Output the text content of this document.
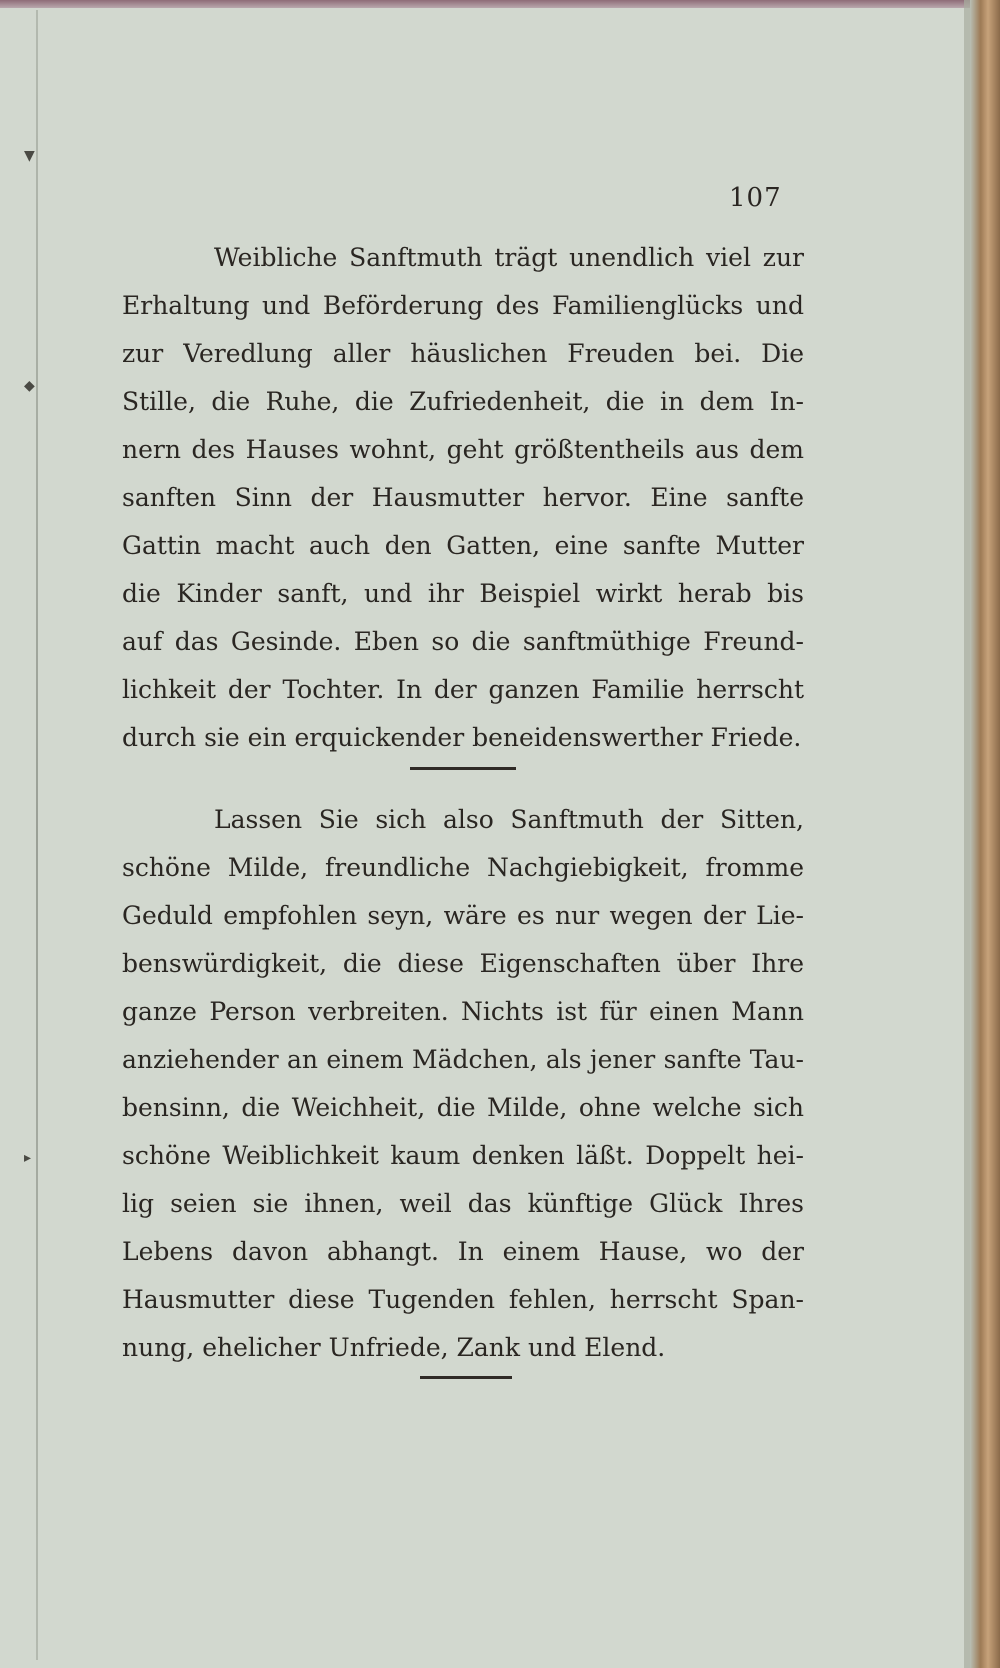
▼
◆
▸
107
Weibliche Sanftmuth trägt unendlich viel zur
Erhaltung und Beförderung des Familienglücks und
zur Veredlung aller häuslichen Freuden bei. Die
Stille, die Ruhe, die Zufriedenheit, die in dem In-
nern des Hauses wohnt, geht größtentheils aus dem
sanften Sinn der Hausmutter hervor. Eine sanfte
Gattin macht auch den Gatten, eine sanfte Mutter
die Kinder sanft, und ihr Beispiel wirkt herab bis
auf das Gesinde. Eben so die sanftmüthige Freund-
lichkeit der Tochter. In der ganzen Familie herrscht
durch sie ein erquickender beneidenswerther Friede.
Lassen Sie sich also Sanftmuth der Sitten,
schöne Milde, freundliche Nachgiebigkeit, fromme
Geduld empfohlen seyn, wäre es nur wegen der Lie-
benswürdigkeit, die diese Eigenschaften über Ihre
ganze Person verbreiten. Nichts ist für einen Mann
anziehender an einem Mädchen, als jener sanfte Tau-
bensinn, die Weichheit, die Milde, ohne welche sich
schöne Weiblichkeit kaum denken läßt. Doppelt hei-
lig seien sie ihnen, weil das künftige Glück Ihres
Lebens davon abhangt. In einem Hause, wo der
Hausmutter diese Tugenden fehlen, herrscht Span-
nung, ehelicher Unfriede, Zank und Elend.
